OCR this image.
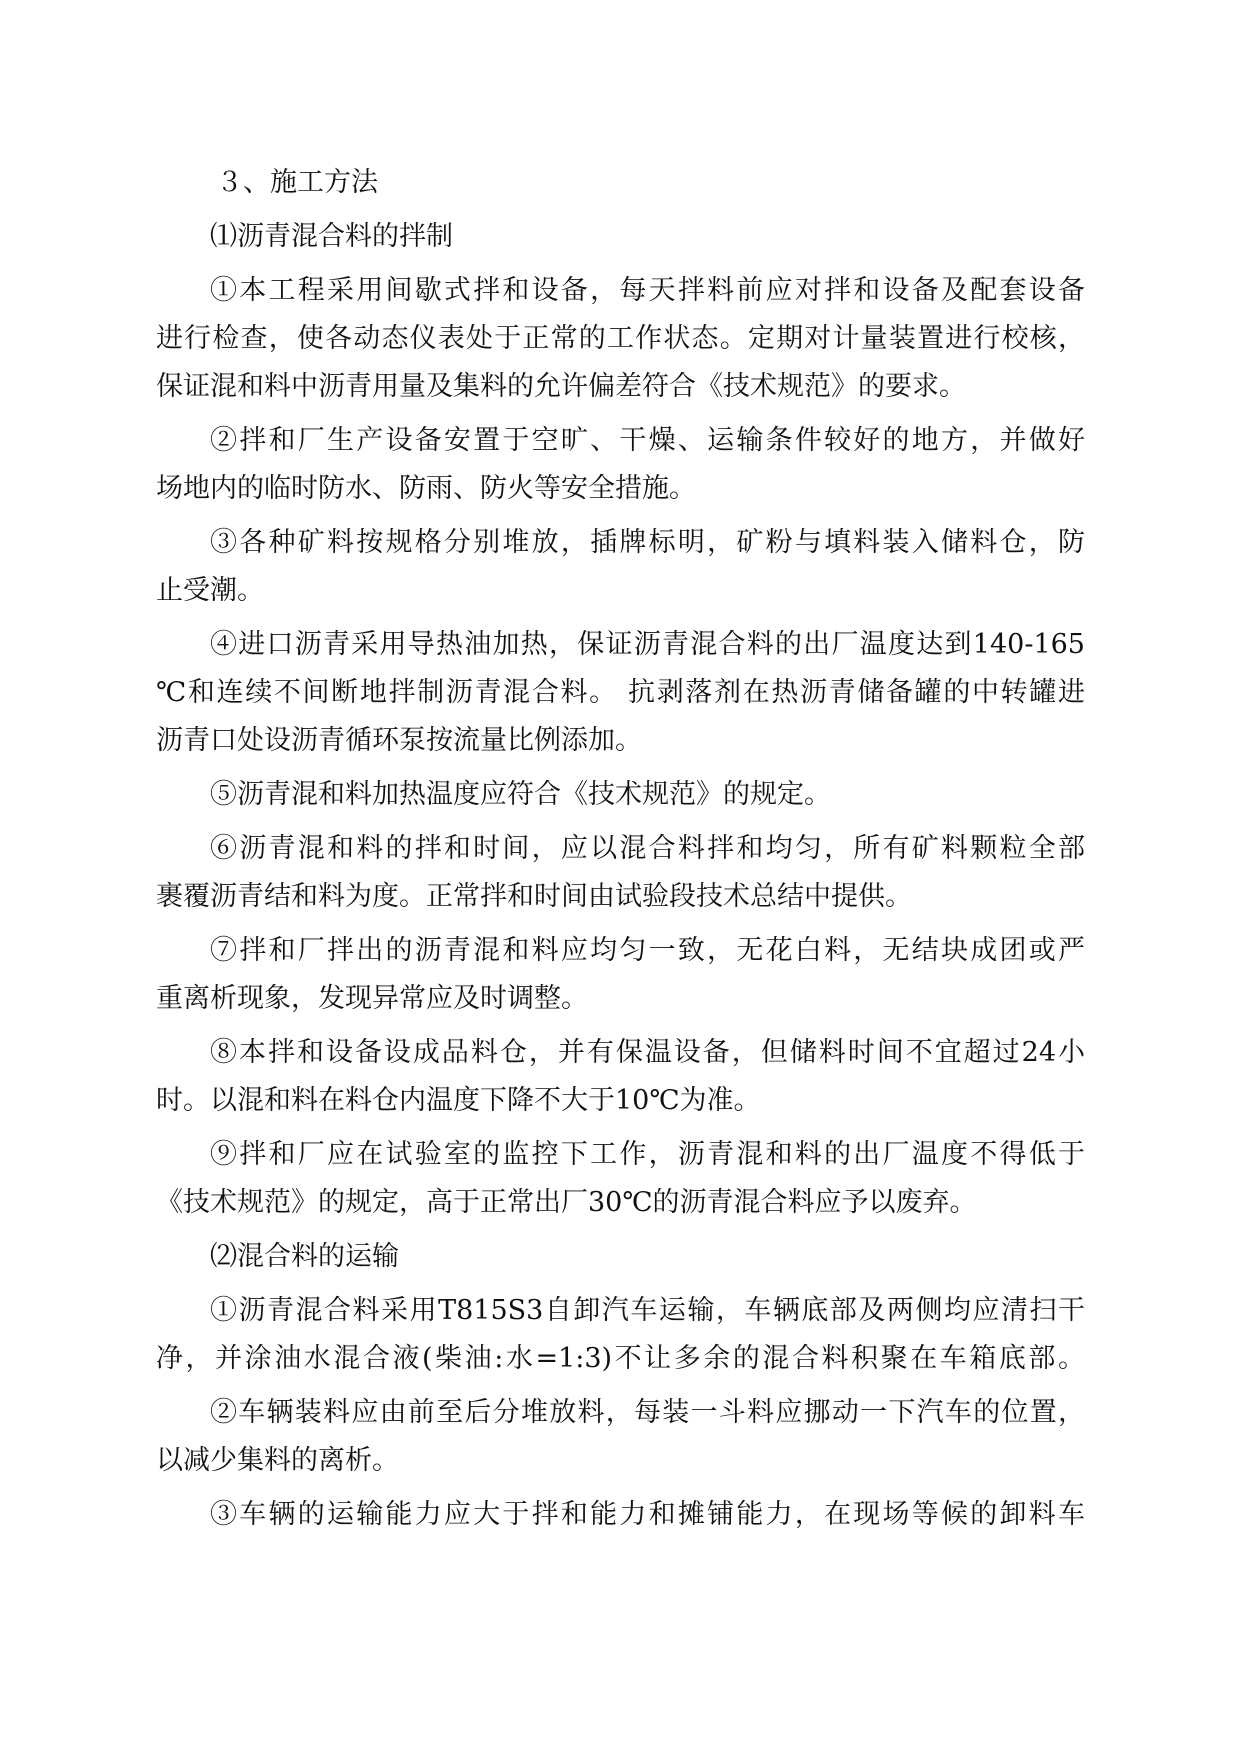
３、施工方法
⑴沥青混合料的拌制
①本工程采用间歇式拌和设备，每天拌料前应对拌和设备及配套设备
进行检查，使各动态仪表处于正常的工作状态。定期对计量装置进行校核，
保证混和料中沥青用量及集料的允许偏差符合《技术规范》的要求。
②拌和厂生产设备安置于空旷、干燥、运输条件较好的地方，并做好
场地内的临时防水、防雨、防火等安全措施。
③各种矿料按规格分别堆放，插牌标明，矿粉与填料装入储料仓，防
止受潮。
④进口沥青采用导热油加热，保证沥青混合料的出厂温度达到140-165
℃和连续不间断地拌制沥青混合料。 抗剥落剂在热沥青储备罐的中转罐进
沥青口处设沥青循环泵按流量比例添加。
⑤沥青混和料加热温度应符合《技术规范》的规定。
⑥沥青混和料的拌和时间，应以混合料拌和均匀，所有矿料颗粒全部
裹覆沥青结和料为度。正常拌和时间由试验段技术总结中提供。
⑦拌和厂拌出的沥青混和料应均匀一致，无花白料，无结块成团或严
重离析现象，发现异常应及时调整。
⑧本拌和设备设成品料仓，并有保温设备，但储料时间不宜超过24小
时。以混和料在料仓内温度下降不大于10℃为准。
⑨拌和厂应在试验室的监控下工作，沥青混和料的出厂温度不得低于
《技术规范》的规定，高于正常出厂30℃的沥青混合料应予以废弃。
⑵混合料的运输
①沥青混合料采用T815S3自卸汽车运输，车辆底部及两侧均应清扫干
净，并涂油水混合液(柴油:水=1:3)不让多余的混合料积聚在车箱底部。
②车辆装料应由前至后分堆放料，每装一斗料应挪动一下汽车的位置，
以减少集料的离析。
③车辆的运输能力应大于拌和能力和摊铺能力，在现场等候的卸料车
